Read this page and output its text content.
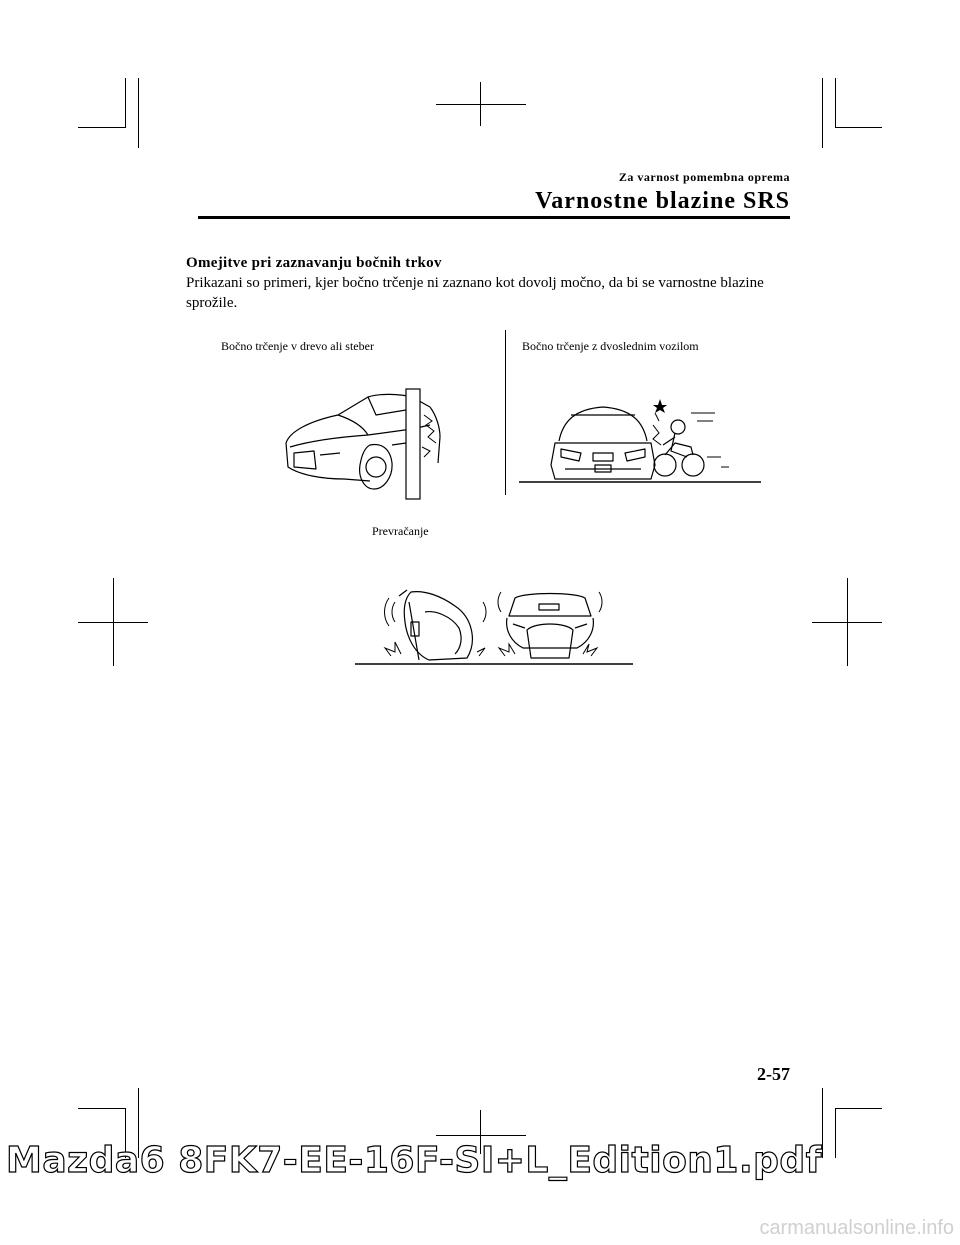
Za varnost pomembna oprema
Varnostne blazine SRS
Omejitve pri zaznavanju bočnih trkov
Prikazani so primeri, kjer bočno trčenje ni zaznano kot dovolj močno, da bi se varnostne blazine sprožile.
Bočno trčenje v drevo ali steber	Bočno trčenje z dvoslednim vozilom
Prevračanje
2-57
Mazda6 8FK7-EE-16F-SI+L_Edition1.pdf
carmanualsonline.info
